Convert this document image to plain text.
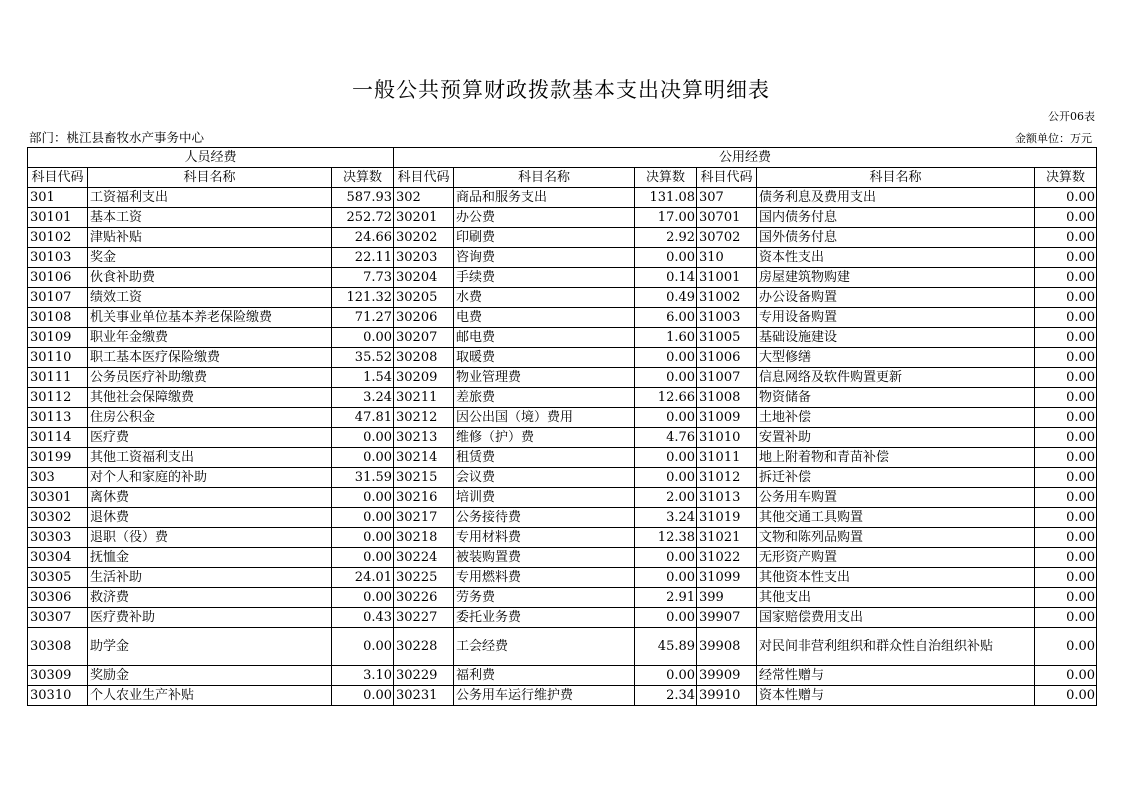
一般公共预算财政拨款基本支出决算明细表
公开06表
部门：桃江县畜牧水产事务中心	金额单位：万元
人员经费			公用经费					
科目代码	科目名称	决算数	科目代码	科目名称	决算数	科目代码	科目名称	决算数
301	工资福利支出	587.93	302	商品和服务支出	131.08	307	债务利息及费用支出	0.00
30101	基本工资	252.72	30201	办公费	17.00	30701	国内债务付息	0.00
30102	津贴补贴	24.66	30202	印刷费	2.92	30702	国外债务付息	0.00
30103	奖金	22.11	30203	咨询费	0.00	310	资本性支出	0.00
30106	伙食补助费	7.73	30204	手续费	0.14	31001	房屋建筑物购建	0.00
30107	绩效工资	121.32	30205	水费	0.49	31002	办公设备购置	0.00
30108	机关事业单位基本养老保险缴费	71.27	30206	电费	6.00	31003	专用设备购置	0.00
30109	职业年金缴费	0.00	30207	邮电费	1.60	31005	基础设施建设	0.00
30110	职工基本医疗保险缴费	35.52	30208	取暖费	0.00	31006	大型修缮	0.00
30111	公务员医疗补助缴费	1.54	30209	物业管理费	0.00	31007	信息网络及软件购置更新	0.00
30112	其他社会保障缴费	3.24	30211	差旅费	12.66	31008	物资储备	0.00
30113	住房公积金	47.81	30212	因公出国（境）费用	0.00	31009	土地补偿	0.00
30114	医疗费	0.00	30213	维修（护）费	4.76	31010	安置补助	0.00
30199	其他工资福利支出	0.00	30214	租赁费	0.00	31011	地上附着物和青苗补偿	0.00
303	对个人和家庭的补助	31.59	30215	会议费	0.00	31012	拆迁补偿	0.00
30301	离休费	0.00	30216	培训费	2.00	31013	公务用车购置	0.00
30302	退休费	0.00	30217	公务接待费	3.24	31019	其他交通工具购置	0.00
30303	退职（役）费	0.00	30218	专用材料费	12.38	31021	文物和陈列品购置	0.00
30304	抚恤金	0.00	30224	被装购置费	0.00	31022	无形资产购置	0.00
30305	生活补助	24.01	30225	专用燃料费	0.00	31099	其他资本性支出	0.00
30306	救济费	0.00	30226	劳务费	2.91	399	其他支出	0.00
30307	医疗费补助	0.43	30227	委托业务费	0.00	39907	国家赔偿费用支出	0.00
30308	助学金	0.00	30228	工会经费	45.89	39908	对民间非营利组织和群众性自治组织补贴	0.00
30309	奖励金	3.10	30229	福利费	0.00	39909	经常性赠与	0.00
30310	个人农业生产补贴	0.00	30231	公务用车运行维护费	2.34	39910	资本性赠与	0.00
